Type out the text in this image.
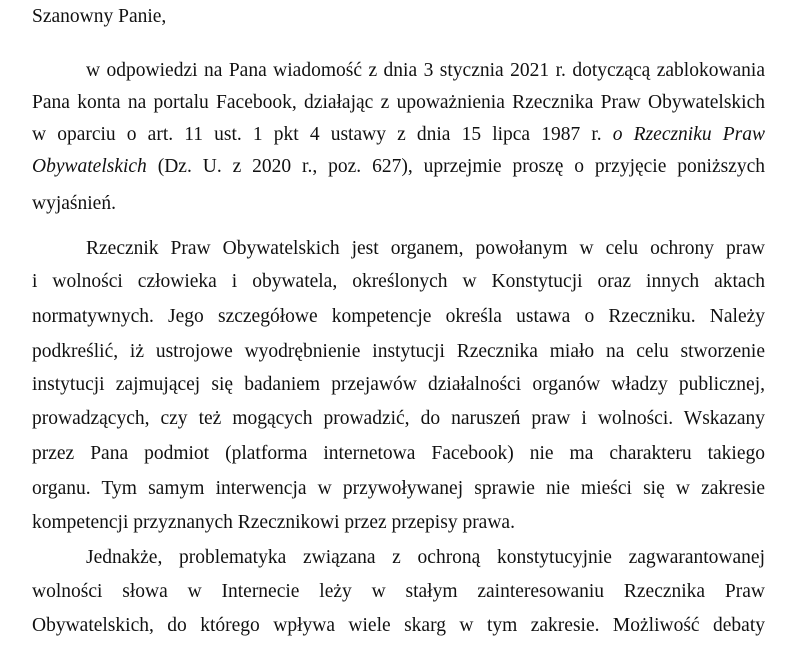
Szanowny Panie,
w odpowiedzi na Pana wiadomość z dnia 3 stycznia 2021 r. dotyczącą zablokowania
Pana konta na portalu Facebook, działając z upoważnienia Rzecznika Praw Obywatelskich
w oparciu o art. 11 ust. 1 pkt 4 ustawy z dnia 15 lipca 1987 r. o Rzeczniku Praw
Obywatelskich (Dz. U. z 2020 r., poz. 627), uprzejmie proszę o przyjęcie poniższych
wyjaśnień.
Rzecznik Praw Obywatelskich jest organem, powołanym w celu ochrony praw
i wolności człowieka i obywatela, określonych w Konstytucji oraz innych aktach
normatywnych. Jego szczegółowe kompetencje określa ustawa o Rzeczniku. Należy
podkreślić, iż ustrojowe wyodrębnienie instytucji Rzecznika miało na celu stworzenie
instytucji zajmującej się badaniem przejawów działalności organów władzy publicznej,
prowadzących, czy też mogących prowadzić, do naruszeń praw i wolności. Wskazany
przez Pana podmiot (platforma internetowa Facebook) nie ma charakteru takiego
organu. Tym samym interwencja w przywoływanej sprawie nie mieści się w zakresie
kompetencji przyznanych Rzecznikowi przez przepisy prawa.
Jednakże, problematyka związana z ochroną konstytucyjnie zagwarantowanej
wolności słowa w Internecie leży w stałym zainteresowaniu Rzecznika Praw
Obywatelskich, do którego wpływa wiele skarg w tym zakresie. Możliwość debaty
